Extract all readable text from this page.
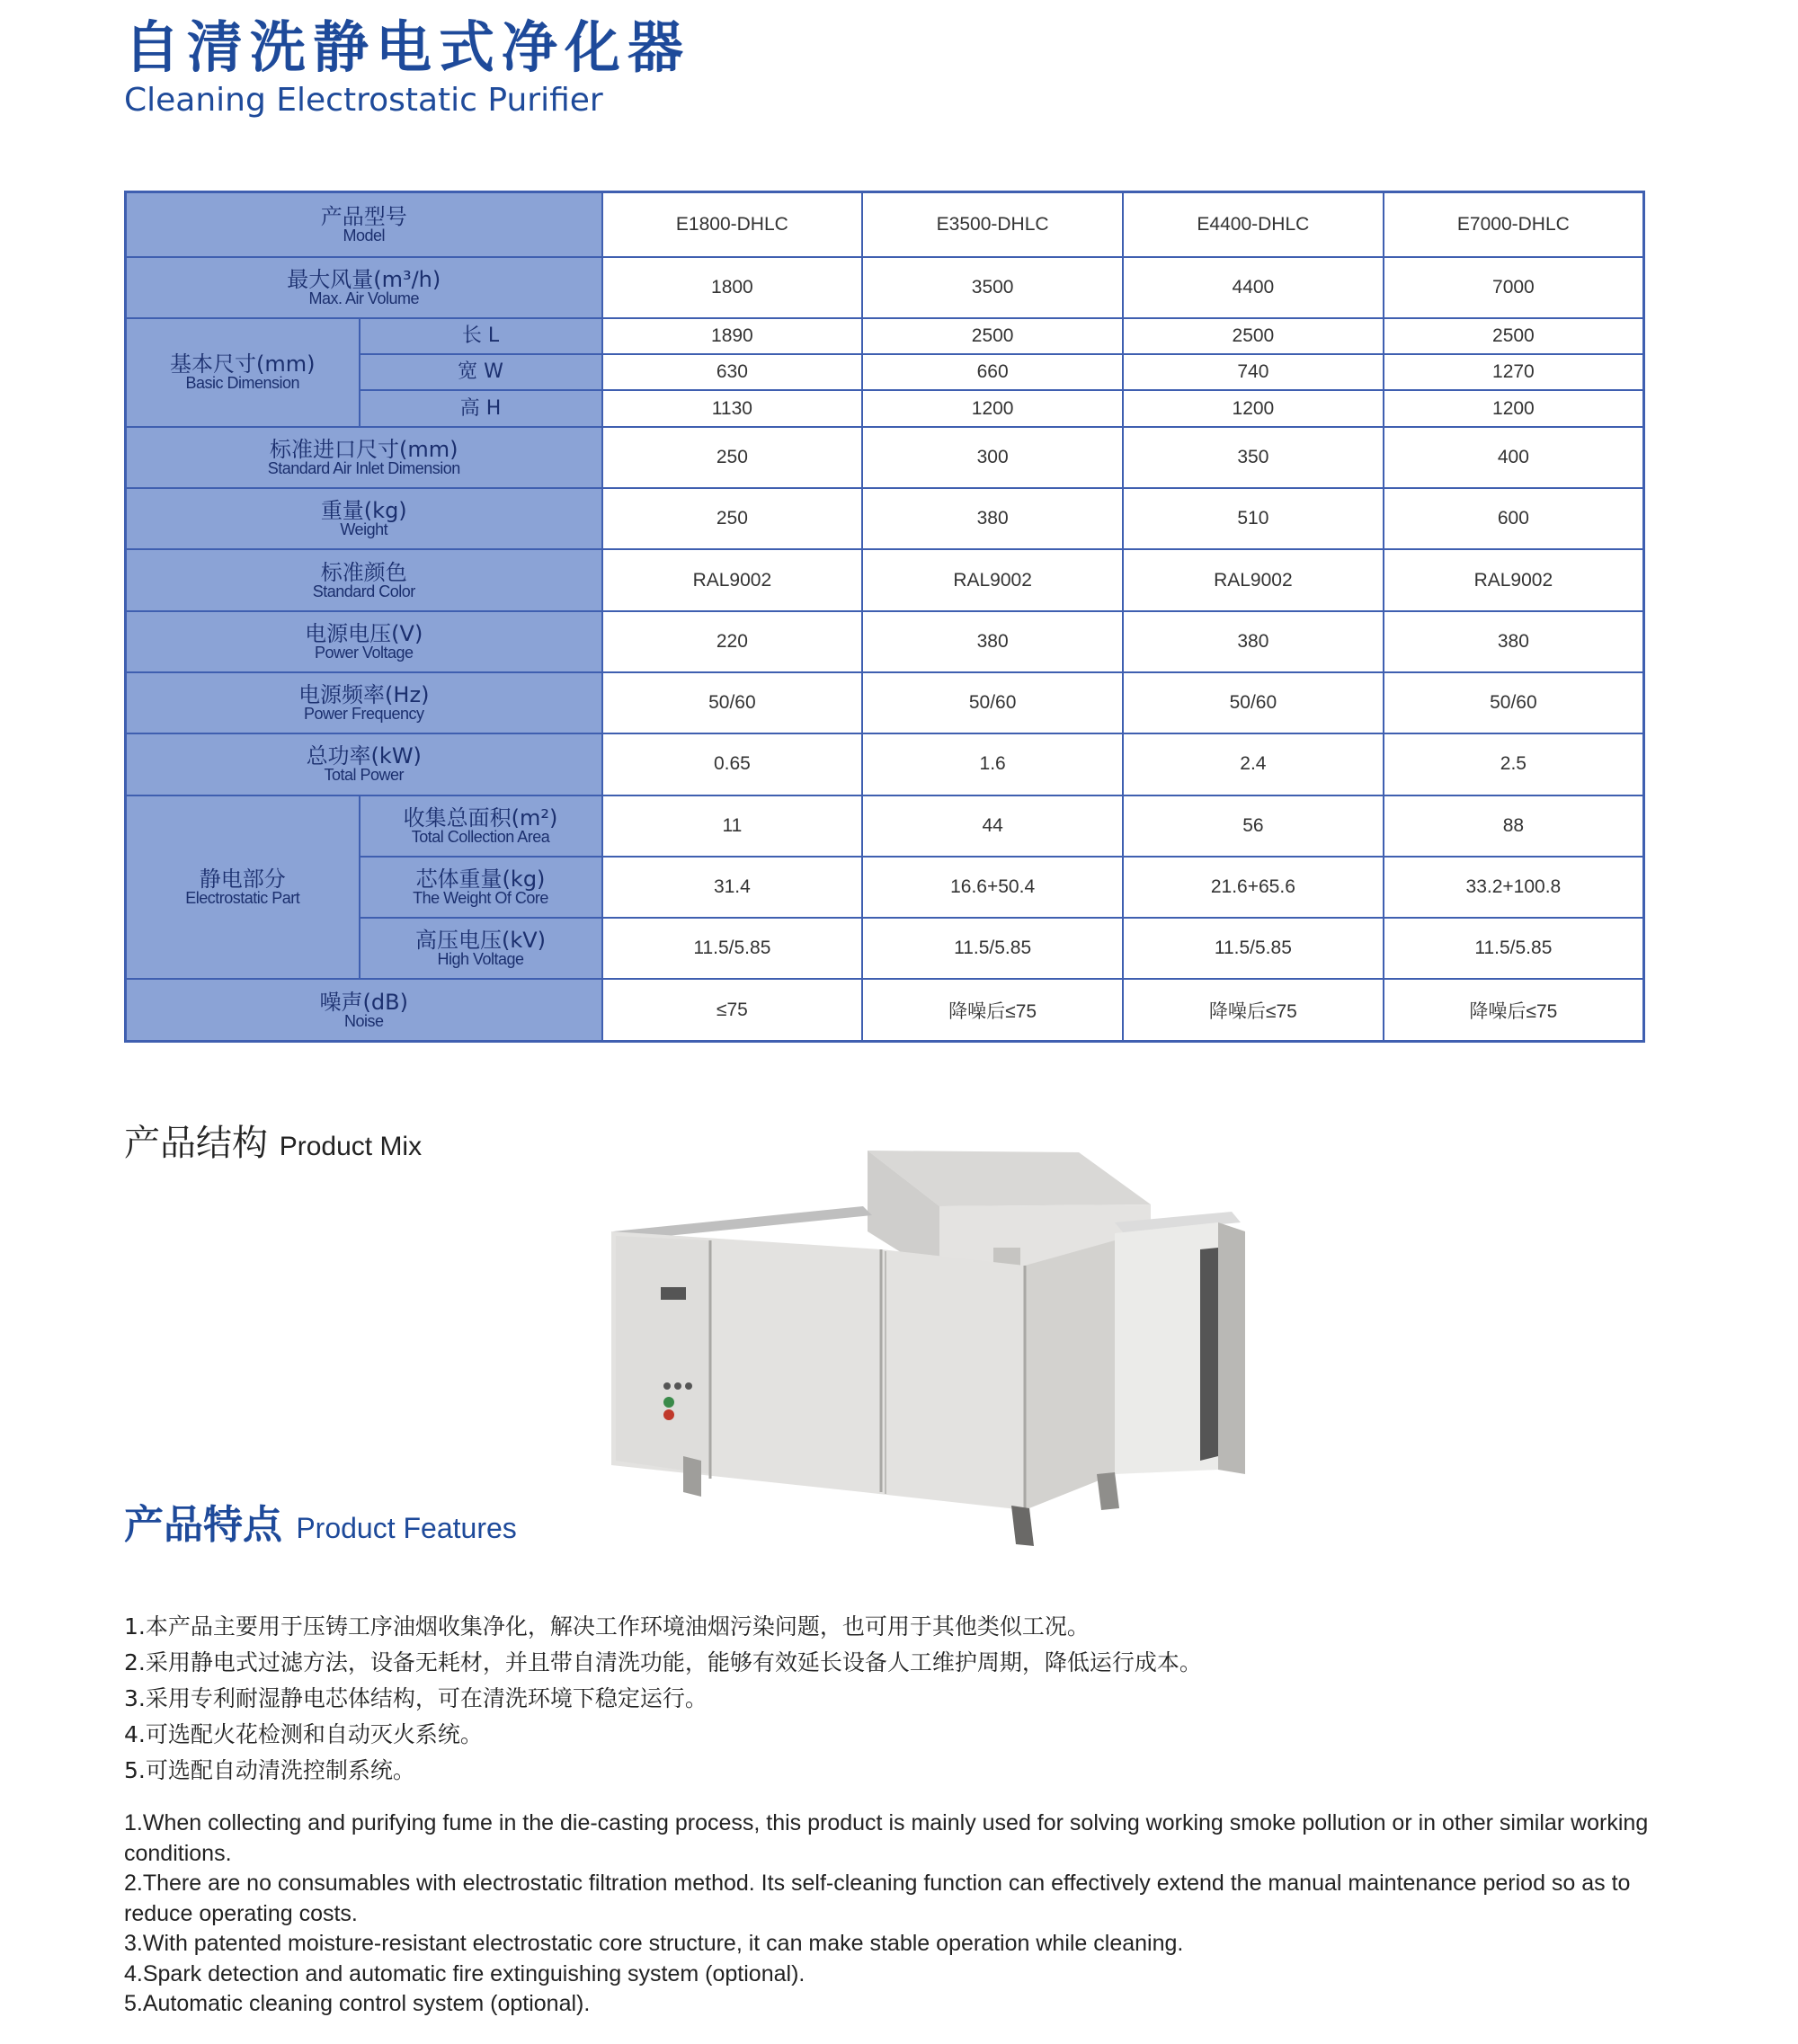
自清洗静电式净化器
Cleaning Electrostatic Purifier
产品型号
Model		E1800-DHLC	E3500-DHLC	E4400-DHLC	E7000-DHLC

最大风量(m³/h)
Max. Air Volume		1800	3500	4400	7000

基本尺寸(mm)
Basic Dimension	长 L	1890	2500	2500	2500
	宽 W	630	660	740	1270
	高 H	1130	1200	1200	1200

标准进口尺寸(mm)
Standard Air Inlet Dimension		250	300	350	400

重量(kg)
Weight		250	380	510	600

标准颜色
Standard Color		RAL9002	RAL9002	RAL9002	RAL9002

电源电压(V)
Power Voltage		220	380	380	380

电源频率(Hz)
Power Frequency		50/60	50/60	50/60	50/60

总功率(kW)
Total Power		0.65	1.6	2.4	2.5

静电部分
Electrostatic Part	收集总面积(m²)
Total Collection Area	11	44	56	88

	芯体重量(kg)
The Weight Of Core	31.4	16.6+50.4	21.6+65.6	33.2+100.8

	高压电压(kV)
High Voltage	11.5/5.85	11.5/5.85	11.5/5.85	11.5/5.85

噪声(dB)
Noise		≤75	降噪后≤75	降噪后≤75	降噪后≤75
产品结构 Product Mix
产品特点 Product Features
1.本产品主要用于压铸工序油烟收集净化，解决工作环境油烟污染问题，也可用于其他类似工况。
2.采用静电式过滤方法，设备无耗材，并且带自清洗功能，能够有效延长设备人工维护周期，降低运行成本。
3.采用专利耐湿静电芯体结构，可在清洗环境下稳定运行。
4.可选配火花检测和自动灭火系统。
5.可选配自动清洗控制系统。
1.When collecting and purifying fume in the die-casting process, this product is mainly used for solving working smoke pollution or in other similar working conditions.
2.There are no consumables with electrostatic filtration method. Its self-cleaning function can effectively extend the manual maintenance period so as to reduce operating costs.
3.With patented moisture-resistant electrostatic core structure, it can make stable operation while cleaning.
4.Spark detection and automatic fire extinguishing system (optional).
5.Automatic cleaning control system (optional).
